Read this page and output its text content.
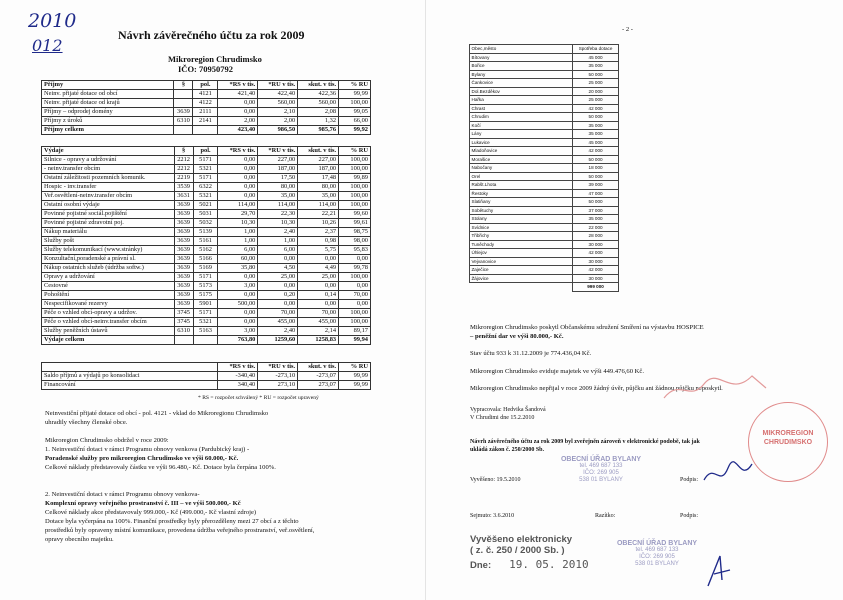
2010
012
Návrh závěrečného účtu za rok 2009
Mikroregion Chrudimsko
IČO: 70950792
Příjmy	§	pol.	*RS v tis.	*RU v tis.	skut. v tis.	% RU
Neinv. přijaté dotace od obcí		4121	421,40	422,40	422,36	99,99
Neinv. přijaté dotace od krajů		4122	0,00	560,00	560,00	100,00
Příjmy – odprodej domény	3639	2111	0,00	2,10	2,08	99,05
Příjmy z úroků	6310	2141	2,00	2,00	1,32	66,00
Příjmy celkem			423,40	986,50	985,76	99,92
Výdaje	§	pol.	*RS v tis.	*RU v tis.	skut. v tis.	% RU
Silnice - opravy a udržování	2212	5171	0,00	227,00	227,00	100,00
- neinv.transfer obcím	2212	5321	0,00	187,00	187,00	100,00
Ostatní záležitosti pozemních komunik.	2219	5171	0,00	17,50	17,48	99,89
Hospic - inv.transfer	3539	6322	0,00	80,00	80,00	100,00
Veř.osvětlení-neinv.transfer obcím	3631	5321	0,00	35,00	35,00	100,00
Ostatní osobní výdaje	3639	5021	114,00	114,00	114,00	100,00
Povinné pojistné sociál.pojištění	3639	5031	29,70	22,30	22,21	99,60
Povinné pojistné zdravotní poj.	3639	5032	10,30	10,30	10,26	99,61
Nákup materiálu	3639	5139	1,00	2,40	2,37	98,75
Služby pošt	3639	5161	1,00	1,00	0,98	98,00
Služby telekomunikací (www.stránky)	3639	5162	6,00	6,00	5,75	95,83
Konzultační,poradenské a právní sl.	3639	5166	60,00	0,00	0,00	0,00
Nákup ostatních služeb (údržba softw.)	3639	5169	35,80	4,50	4,49	99,78
Opravy a udržování	3639	5171	0,00	25,00	25,00	100,00
Cestovné	3639	5173	3,00	0,00	0,00	0,00
Pohoštění	3639	5175	0,00	0,20	0,14	70,00
Nespecifikované rezervy	3639	5901	500,00	0,00	0,00	0,00
Péče o vzhled obcí-opravy a udržov.	3745	5171	0,00	70,00	70,00	100,00
Péče o vzhled obcí-neinv.transfer obcím	3745	5321	0,00	455,00	455,00	100,00
Služby peněžních ústavů	6310	5163	3,00	2,40	2,14	89,17
Výdaje celkem			763,80	1259,60	1258,83	99,94
	*RS v tis.	*RU v tis.	skut. v tis.	% RU
Saldo příjmů a výdajů po konsolidaci	-340,40	-273,10	-273,07	99,99
Financování	340,40	273,10	273,07	99,99
* RS = rozpočet schválený * RU = rozpočet upravený
Neinvestiční přijaté dotace od obcí - pol. 4121 - vklad do Mikroregionu Chrudimsko
uhradily všechny členské obce.
Mikroregion Chrudimsko obdržel v roce 2009:
1. Neinvestiční dotaci v rámci Programu obnovy venkova (Pardubický kraj) -
Poradenské služby pro mikroregion Chrudimsko ve výši 60.000,- Kč.
Celkové náklady představovaly částku ve výši 96.480,- Kč. Dotace byla čerpána 100%.
2. Neinvestiční dotaci v rámci Programu obnovy venkova-
Komplexní opravy veřejného prostranství č. III – ve výši 500.000,- Kč
Celkové náklady akce představovaly 999.000,- Kč (499.000,- Kč vlastní zdroje)
Dotace byla vyčerpána na 100%. Finanční prostředky byly přerozděleny mezi 27 obcí a z těchto
prostředků byly opraveny místní komunikace, provedena údržba veřejného prostranství, veř.osvětlení,
opravy obecního majetku.
- 2 -
Obec,město	Spotřeba dotace
Bítovany	45 000
Bořice	35 000
Bylany	50 000
Čankovice	25 000
Dol.Bezděkov	20 000
Hařka	25 000
Chrast	42 000
Chrudim	50 000
Kočí	35 000
Lány	35 000
Lukavice	45 000
Mladoňovice	42 000
Morašice	50 000
Nabočany	18 000
Orel	50 000
Rabšt.Lhota	39 000
Řestoky	47 000
Slatiňany	50 000
Sobětuchy	37 000
Stolany	35 000
Svídnice	22 000
Třibřichy	28 000
Tuněchody	30 000
Úhlejov	42 000
Vejvanovice	30 000
Zaječice	42 000
Žájovice	30 000
	999 000
Mikroregion Chrudimsko poskytl Občanskému sdružení Smíření na výstavbu HOSPICE
– peněžní dar ve výši 80.000,- Kč.
Stav účtu 933 k 31.12.2009 je 774.436,04 Kč.
Mikroregion Chrudimsko eviduje majetek ve výši 449.476,60 Kč.
Mikroregion Chrudimsko nepřijal v roce 2009 žádný úvěr, půjčku ani žádnou půjčku neposkytl.
Vypracovala: Hedvika Šandová
V Chrudimi dne 15.2.2010
Návrh závěrečného účtu za rok 2009 byl zveřejněn zároveň v elektronické podobě, tak jak
ukládá zákon č. 250/2000 Sb.
Vyvěšeno: 19.5.2010	Podpis:
Sejmuto: 3.6.2010	Razítko:	Podpis:
Vyvěšeno elektronicky
( z. č. 250 / 2000 Sb. )
Dne: 19. 05. 2010
OBECNÍ ÚŘAD BYLANY
tel. 469 687 133
IČO: 269 905
538 01 BYLANY
OBECNÍ ÚŘAD BYLANY
tel. 469 687 133
IČO: 269 905
538 01 BYLANY
MIKROREGION CHRUDIMSKO
